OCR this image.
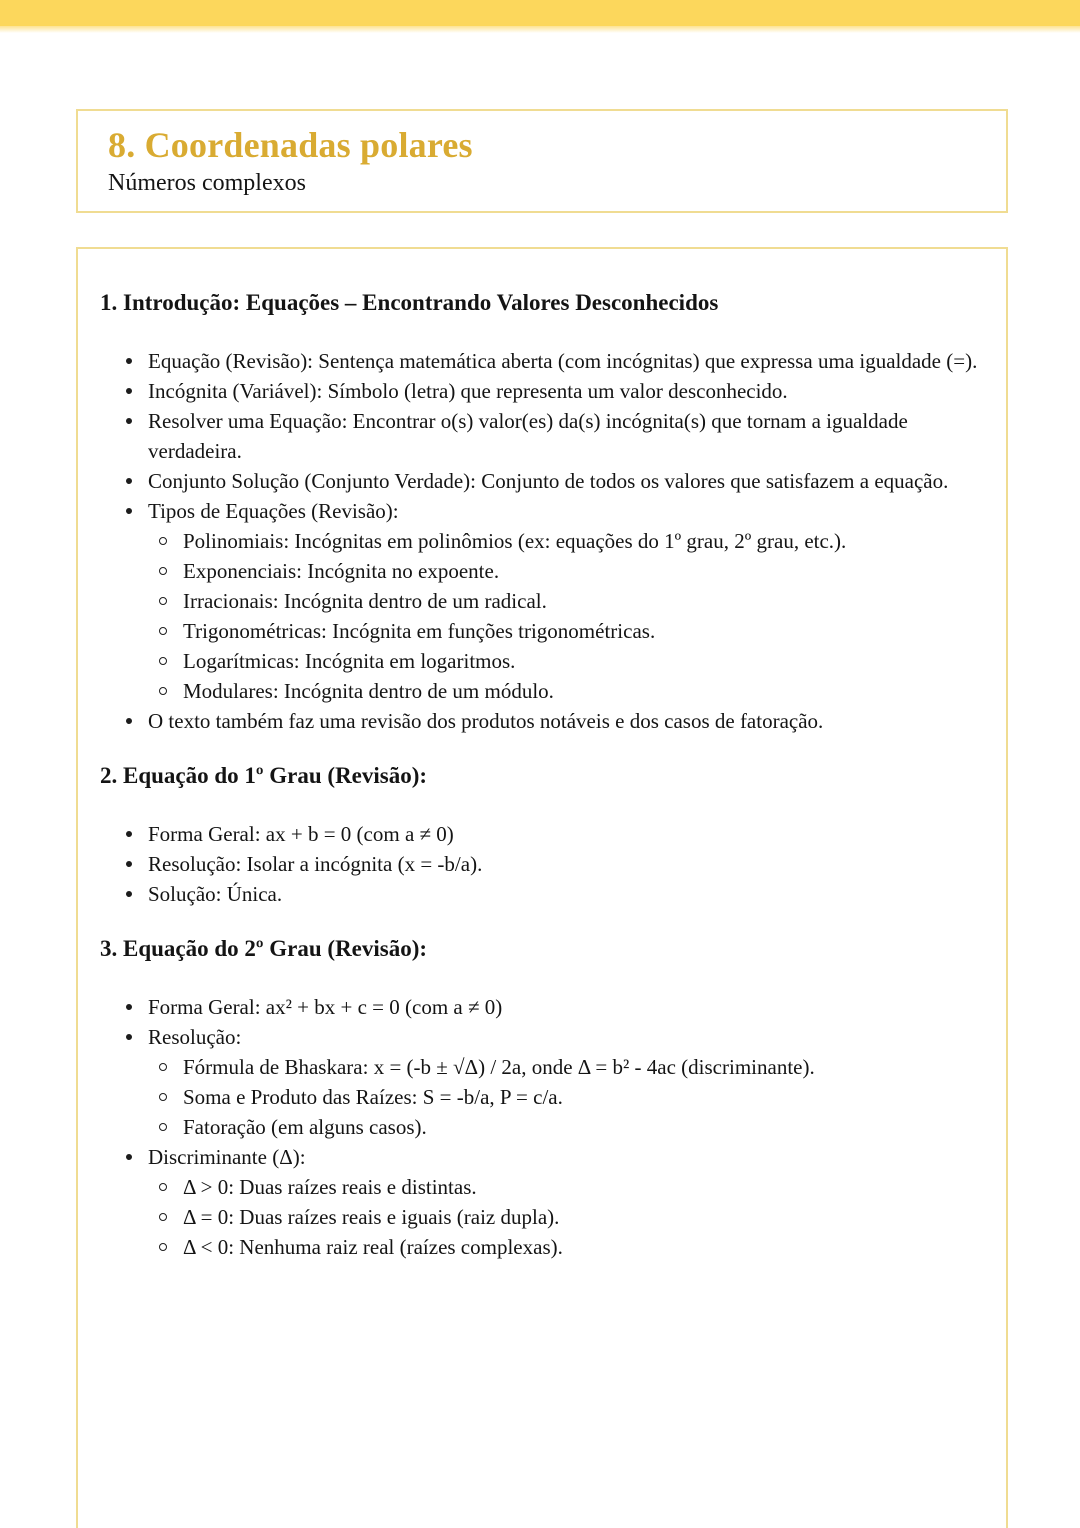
8. Coordenadas polares
Números complexos
1. Introdução: Equações – Encontrando Valores Desconhecidos
Equação (Revisão): Sentença matemática aberta (com incógnitas) que expressa uma igualdade (=).
Incógnita (Variável): Símbolo (letra) que representa um valor desconhecido.
Resolver uma Equação: Encontrar o(s) valor(es) da(s) incógnita(s) que tornam a igualdade verdadeira.
Conjunto Solução (Conjunto Verdade): Conjunto de todos os valores que satisfazem a equação.
Tipos de Equações (Revisão):
Polinomiais: Incógnitas em polinômios (ex: equações do 1º grau, 2º grau, etc.).
Exponenciais: Incógnita no expoente.
Irracionais: Incógnita dentro de um radical.
Trigonométricas: Incógnita em funções trigonométricas.
Logarítmicas: Incógnita em logaritmos.
Modulares: Incógnita dentro de um módulo.
O texto também faz uma revisão dos produtos notáveis e dos casos de fatoração.
2. Equação do 1º Grau (Revisão):
Forma Geral: ax + b = 0 (com a ≠ 0)
Resolução: Isolar a incógnita (x = -b/a).
Solução: Única.
3. Equação do 2º Grau (Revisão):
Forma Geral: ax² + bx + c = 0 (com a ≠ 0)
Resolução:
Fórmula de Bhaskara: x = (-b ± √Δ) / 2a, onde Δ = b² - 4ac (discriminante).
Soma e Produto das Raízes: S = -b/a, P = c/a.
Fatoração (em alguns casos).
Discriminante (Δ):
Δ > 0: Duas raízes reais e distintas.
Δ = 0: Duas raízes reais e iguais (raiz dupla).
Δ < 0: Nenhuma raiz real (raízes complexas).
